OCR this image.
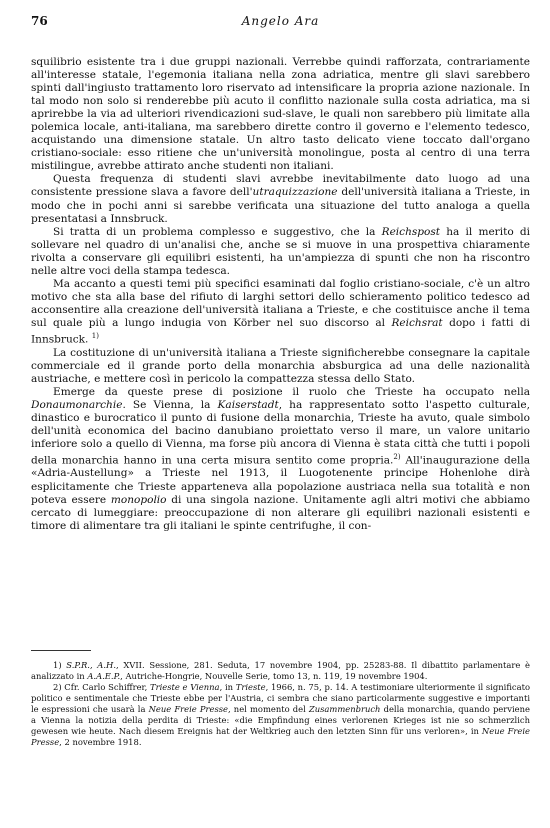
76	Angelo Ara

squilibrio esistente tra i due gruppi nazionali. Verrebbe quindi rafforzata, contrariamente all'interesse statale, l'egemonia italiana nella zona adriatica, mentre gli slavi sarebbero spinti dall'ingiusto trattamento loro riservato ad intensificare la propria azione nazionale. In tal modo non solo si renderebbe più acuto il conflitto nazionale sulla costa adriatica, ma si aprirebbe la via ad ulteriori rivendicazioni sud-slave, le quali non sarebbero più limitate alla polemica locale, anti-italiana, ma sarebbero dirette contro il governo e l'elemento tedesco, acquistando una dimensione statale. Un altro tasto delicato viene toccato dall'organo cristiano-sociale: esso ritiene che un'università monolingue, posta al centro di una terra mistilingue, avrebbe attirato anche studenti non italiani.

Questa frequenza di studenti slavi avrebbe inevitabilmente dato luogo ad una consistente pressione slava a favore dell'utraquizzazione dell'università italiana a Trieste, in modo che in pochi anni si sarebbe verificata una situazione del tutto analoga a quella presentatasi a Innsbruck.

Si tratta di un problema complesso e suggestivo, che la Reichspost ha il merito di sollevare nel quadro di un'analisi che, anche se si muove in una prospettiva chiaramente rivolta a conservare gli equilibri esistenti, ha un'ampiezza di spunti che non ha riscontro nelle altre voci della stampa tedesca.

Ma accanto a questi temi più specifici esaminati dal foglio cristiano-sociale, c'è un altro motivo che sta alla base del rifiuto di larghi settori dello schieramento politico tedesco ad acconsentire alla creazione dell'università italiana a Trieste, e che costituisce anche il tema sul quale più a lungo indugia von Körber nel suo discorso al Reichsrat dopo i fatti di Innsbruck. $^{1)}$

La costituzione di un'università italiana a Trieste significherebbe consegnare la capitale commerciale ed il grande porto della monarchia absburgica ad una delle nazionalità austriache, e mettere così in pericolo la compattezza stessa dello Stato.

Emerge da queste prese di posizione il ruolo che Trieste ha occupato nella Donaumonarchie. Se Vienna, la Kaiserstadt, ha rappresentato sotto l'aspetto culturale, dinastico e burocratico il punto di fusione della monarchia, Trieste ha avuto, quale simbolo dell'unità economica del bacino danubiano proiettato verso il mare, un valore unitario inferiore solo a quello di Vienna, ma forse più ancora di Vienna è stata città che tutti i popoli della monarchia hanno in una certa misura sentito come propria.$^{2)}$ All'inaugurazione della «Adria-Austellung» a Trieste nel 1913, il Luogotenente principe Hohenlohe dirà esplicitamente che Trieste apparteneva alla popolazione austriaca nella sua totalità e non poteva essere monopolio di una singola nazione. Unitamente agli altri motivi che abbiamo cercato di lumeggiare: preoccupazione di non alterare gli equilibri nazionali esistenti e timore di alimentare tra gli italiani le spinte centrifughe, il con-

1) S.P.R., A.H., XVII. Sessione, 281. Seduta, 17 novembre 1904, pp. 25283-88. Il dibattito parlamentare è analizzato in A.A.E.P., Autriche-Hongrie, Nouvelle Serie, tomo 13, n. 119, 19 novembre 1904.

2) Cfr. Carlo Schiffrer, Trieste e Vienna, in Trieste, 1966, n. 75, p. 14. A testimoniare ulteriormente il significato politico e sentimentale che Trieste ebbe per l'Austria, ci sembra che siano particolarmente suggestive e importanti le espressioni che usarà la Neue Freie Presse, nel momento del Zusammenbruch della monarchia, quando perviene a Vienna la notizia della perdita di Trieste: «die Empfindung eines verlorenen Krieges ist nie so schmerzlich gewesen wie heute. Nach diesem Ereignis hat der Weltkrieg auch den letzten Sinn für uns verloren», in Neue Freie Presse, 2 novembre 1918.
